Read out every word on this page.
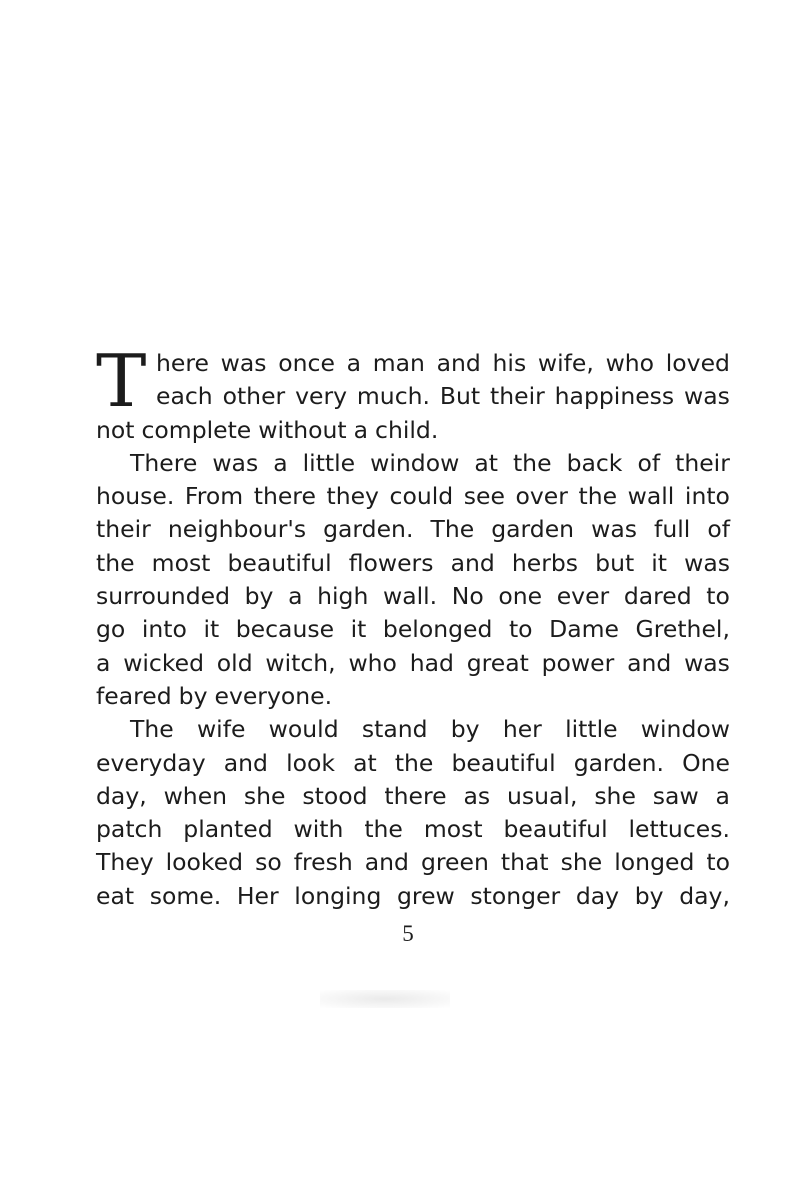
T here was once a man and his wife, who loved
each other very much. But their happiness was
not complete without a child.
There was a little window at the back of their
house. From there they could see over the wall into
their neighbour's garden. The garden was full of
the most beautiful flowers and herbs but it was
surrounded by a high wall. No one ever dared to
go into it because it belonged to Dame Grethel,
a wicked old witch, who had great power and was
feared by everyone.
The wife would stand by her little window
everyday and look at the beautiful garden. One
day, when she stood there as usual, she saw a
patch planted with the most beautiful lettuces.
They looked so fresh and green that she longed to
eat some. Her longing grew stonger day by day,
5
